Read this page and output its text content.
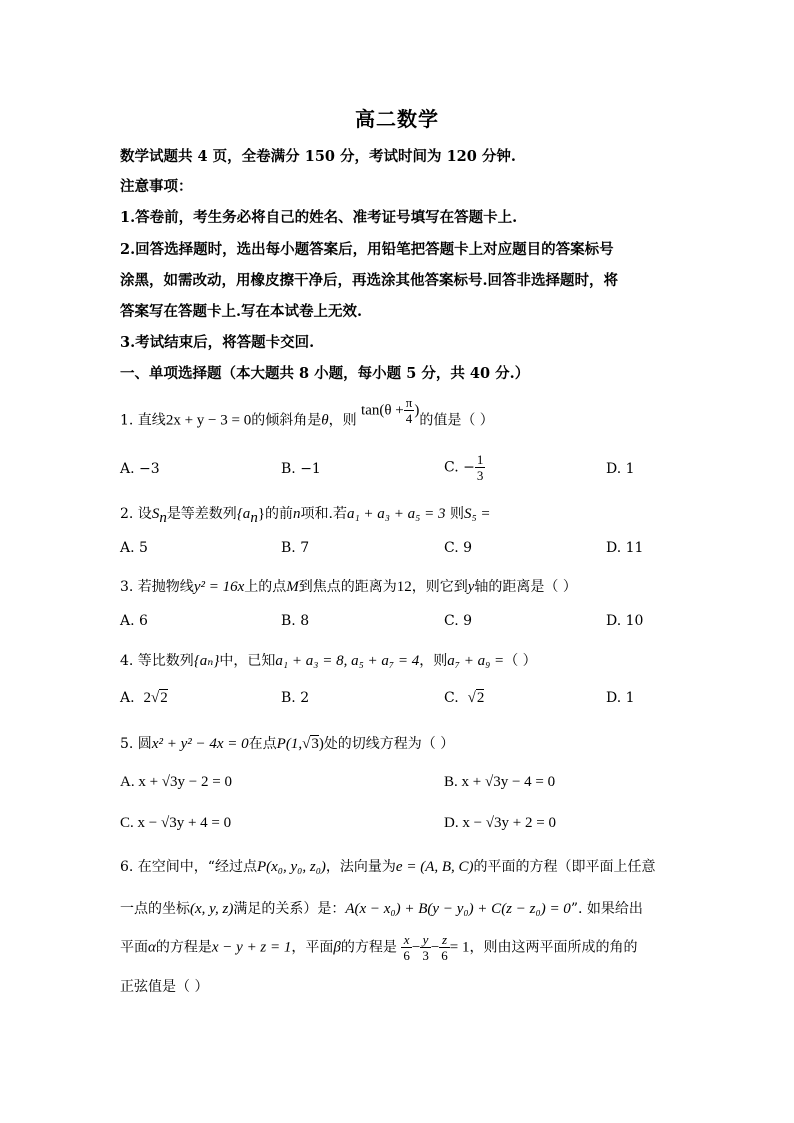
高二数学
数学试题共 4 页，全卷满分 150 分，考试时间为 120 分钟.
注意事项：
1.答卷前，考生务必将自己的姓名、准考证号填写在答题卡上.
2.回答选择题时，选出每小题答案后，用铅笔把答题卡上对应题目的答案标号
涂黑，如需改动，用橡皮擦干净后，再选涂其他答案标号.回答非选择题时，将
答案写在答题卡上.写在本试卷上无效.
3.考试结束后，将答题卡交回.
一、单项选择题（本大题共 8 小题，每小题 5 分，共 40 分.）
1. 直线2x + y − 3 = 0的倾斜角是θ，则 $\tan(\theta + \frac{\pi}{4}$ )的值是（ ）
A. −3	B. −1	C. − $\frac{1}{3}$	D. 1
2. 设$S_n$是等差数列$\{a_n\}$的前n项和.若a₁ + a₃ + a₅ = 3 则S₅ =
A. 5	B. 7	C. 9	D. 11
3. 若抛物线y² = 16x上的点M到焦点的距离为12，则它到y轴的距离是（ ）
A. 6	B. 8	C. 9	D. 10
4. 等比数列{aₙ}中，已知a₁ + a₃ = 8, a₅ + a₇ = 4，则a₇ + a₉ =（ ）
A. 2√2	B. 2	C. √2	D. 1
5. 圆x² + y² − 4x = 0在点P(1,√3)处的切线方程为（ ）
A. x + √3y − 2 = 0	B. x + √3y − 4 = 0
C. x − √3y + 4 = 0	D. x − √3y + 2 = 0
6. 在空间中，“经过点P(x₀, y₀, z₀)，法向量为e = (A, B, C)的平面的方程（即平面上任意
一点的坐标(x, y, z)满足的关系）是：A(x − x₀) + B(y − y₀) + C(z − z₀) = 0”. 如果给出
平面α的方程是x − y + z = 1，平面β的方程是 $\frac{x}{6} - \frac{y}{3} - \frac{z}{6} = 1$，则由这两平面所成的角的
正弦值是（ ）
